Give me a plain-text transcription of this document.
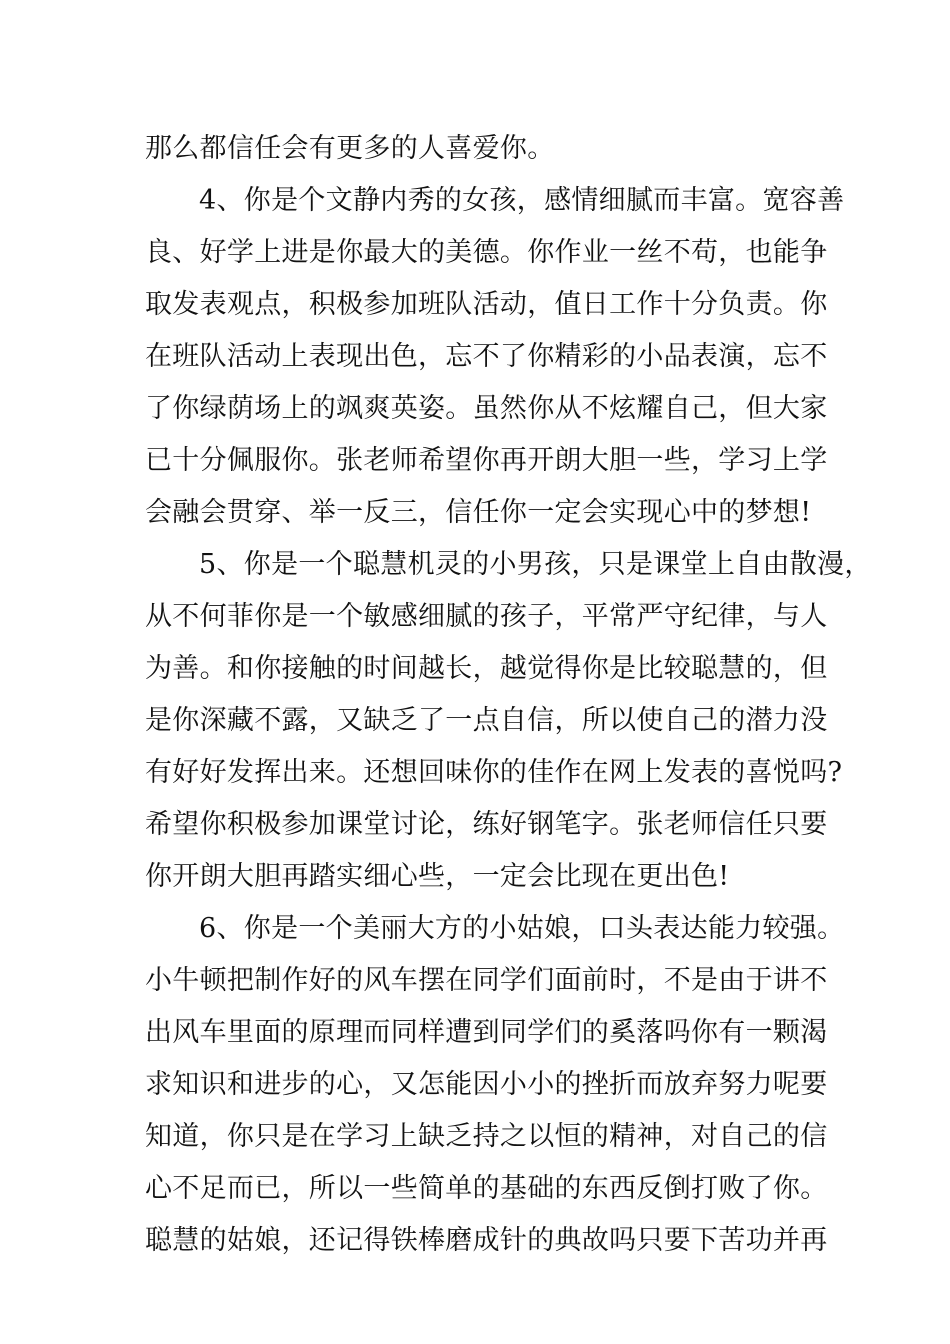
那么都信任会有更多的人喜爱你。
4、你是个文静内秀的女孩，感情细腻而丰富。宽容善
良、好学上进是你最大的美德。你作业一丝不苟，也能争
取发表观点，积极参加班队活动，值日工作十分负责。你
在班队活动上表现出色，忘不了你精彩的小品表演，忘不
了你绿荫场上的飒爽英姿。虽然你从不炫耀自己，但大家
已十分佩服你。张老师希望你再开朗大胆一些，学习上学
会融会贯穿、举一反三，信任你一定会实现心中的梦想!
5、你是一个聪慧机灵的小男孩，只是课堂上自由散漫，
从不何菲你是一个敏感细腻的孩子，平常严守纪律，与人
为善。和你接触的时间越长，越觉得你是比较聪慧的，但
是你深藏不露，又缺乏了一点自信，所以使自己的潜力没
有好好发挥出来。还想回味你的佳作在网上发表的喜悦吗?
希望你积极参加课堂讨论，练好钢笔字。张老师信任只要
你开朗大胆再踏实细心些，一定会比现在更出色!
6、你是一个美丽大方的小姑娘，口头表达能力较强。
小牛顿把制作好的风车摆在同学们面前时，不是由于讲不
出风车里面的原理而同样遭到同学们的奚落吗你有一颗渴
求知识和进步的心，又怎能因小小的挫折而放弃努力呢要
知道，你只是在学习上缺乏持之以恒的精神，对自己的信
心不足而已，所以一些简单的基础的东西反倒打败了你。
聪慧的姑娘，还记得铁棒磨成针的典故吗只要下苦功并再
